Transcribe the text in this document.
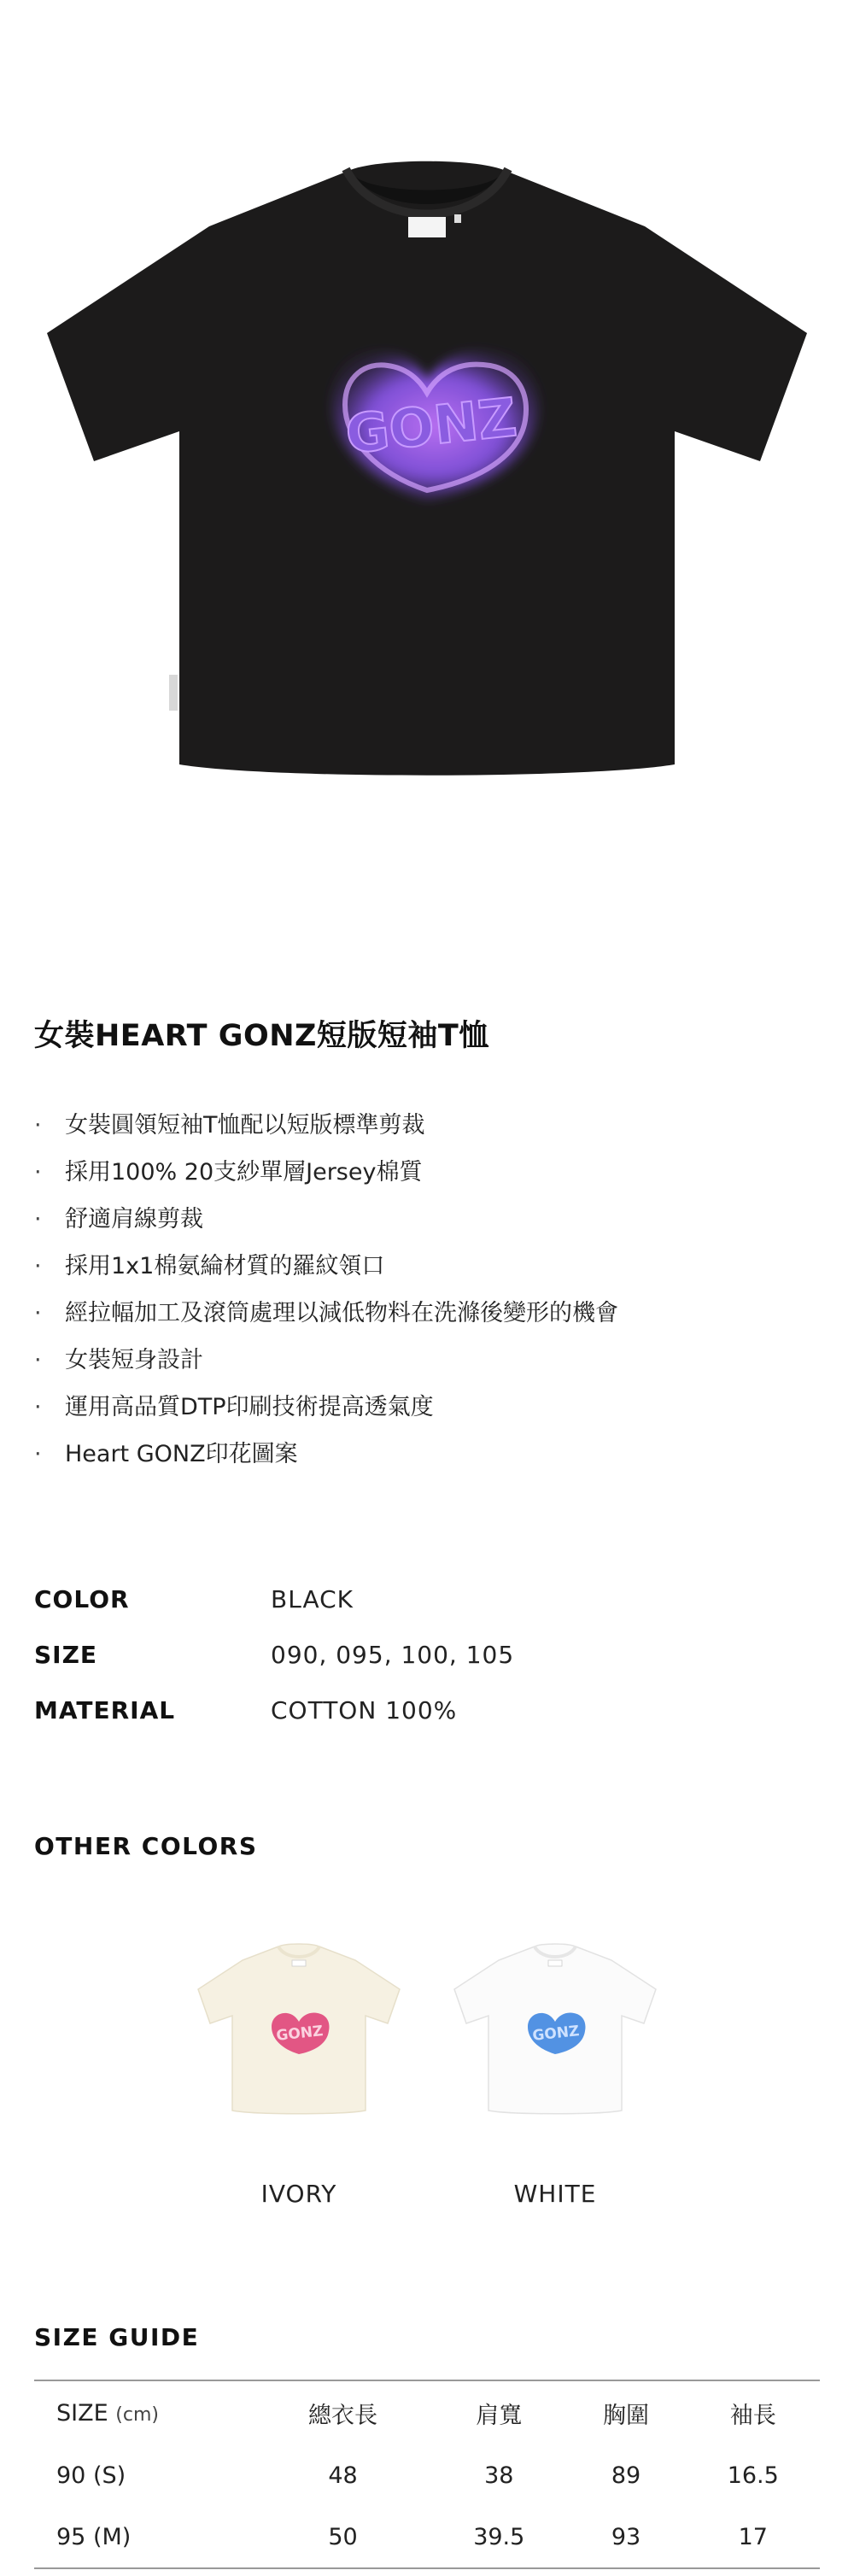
GONZ
女裝HEART GONZ短版短袖T恤
· 女裝圓領短袖T恤配以短版標準剪裁
· 採用100% 20支紗單層Jersey棉質
· 舒適肩線剪裁
· 採用1x1棉氨綸材質的羅紋領口
· 經拉幅加工及滾筒處理以減低物料在洗滌後變形的機會
· 女裝短身設計
· 運用高品質DTP印刷技術提高透氣度
· Heart GONZ印花圖案
COLOR	BLACK
SIZE	090, 095, 100, 105
MATERIAL	COTTON 100%
OTHER COLORS
GONZ
IVORY
GONZ
WHITE
SIZE GUIDE
SIZE (cm)	總衣長	肩寬	胸圍	袖長
90 (S)	48	38	89	16.5
95 (M)	50	39.5	93	17
